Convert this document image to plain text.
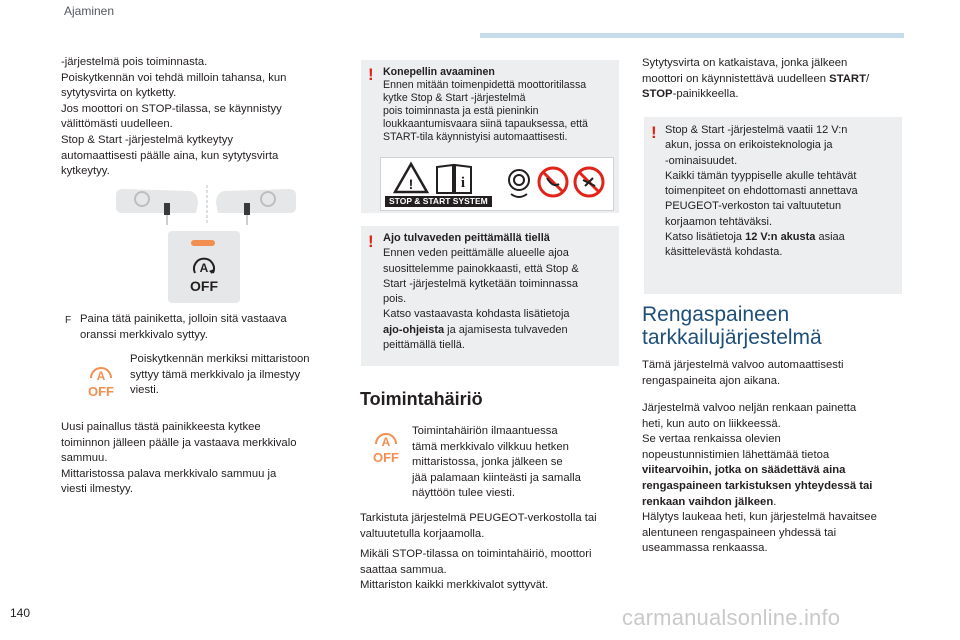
Ajaminen
-järjestelmä pois toiminnasta.
Poiskytkennän voi tehdä milloin tahansa, kun
sytytysvirta on kytketty.
Jos moottori on STOP-tilassa, se käynnistyy
välittömästi uudelleen.
Stop & Start -järjestelmä kytkeytyy
automaattisesti päälle aina, kun sytytysvirta
kytkeytyy.
A
OFF
F Paina tätä painiketta, jolloin sitä vastaava
oranssi merkkivalo syttyy.
A
OFF
Poiskytkennän merkiksi mittaristoon
syttyy tämä merkkivalo ja ilmestyy
viesti.
Uusi painallus tästä painikkeesta kytkee
toiminnon jälleen päälle ja vastaava merkkivalo
sammuu.
Mittaristossa palava merkkivalo sammuu ja
viesti ilmestyy.
! Konepellin avaaminen
Ennen mitään toimenpidettä moottoritilassa
kytke Stop & Start -järjestelmä
pois toiminnasta ja estä pieninkin
loukkaantumisvaara siinä tapauksessa, että
START-tila käynnistyisi automaattisesti.
!	i
STOP & START SYSTEM
! Ajo tulvaveden peittämällä tiellä
Ennen veden peittämälle alueelle ajoa
suosittelemme painokkaasti, että Stop &
Start -järjestelmä kytketään toiminnassa
pois.
Katso vastaavasta kohdasta lisätietoja
ajo-ohjeista ja ajamisesta tulvaveden
peittämällä tiellä.
Toimintahäiriö
A
OFF
Toimintahäiriön ilmaantuessa
tämä merkkivalo vilkkuu hetken
mittaristossa, jonka jälkeen se
jää palamaan kiinteästi ja samalla
näyttöön tulee viesti.
Tarkistuta järjestelmä PEUGEOT-verkostolla tai
valtuutetulla korjaamolla.
Mikäli STOP-tilassa on toimintahäiriö, moottori
saattaa sammua.
Mittariston kaikki merkkivalot syttyvät.
Sytytysvirta on katkaistava, jonka jälkeen
moottori on käynnistettävä uudelleen START/
STOP-painikkeella.
! Stop & Start -järjestelmä vaatii 12 V:n
akun, jossa on erikoisteknologia ja
-ominaisuudet.
Kaikki tämän tyyppiselle akulle tehtävät
toimenpiteet on ehdottomasti annettava
PEUGEOT-verkoston tai valtuutetun
korjaamon tehtäväksi.
Katso lisätietoja 12 V:n akusta asiaa
käsittelevästä kohdasta.
Rengaspaineen
tarkkailujärjestelmä
Tämä järjestelmä valvoo automaattisesti
rengaspaineita ajon aikana.
Järjestelmä valvoo neljän renkaan painetta
heti, kun auto on liikkeessä.
Se vertaa renkaissa olevien
nopeustunnistimien lähettämää tietoa
viitearvoihin, jotka on säädettävä aina
rengaspaineen tarkistuksen yhteydessä tai
renkaan vaihdon jälkeen.
Hälytys laukeaa heti, kun järjestelmä havaitsee
alentuneen rengaspaineen yhdessä tai
useammassa renkaassa.
140	carmanualsonline.info
